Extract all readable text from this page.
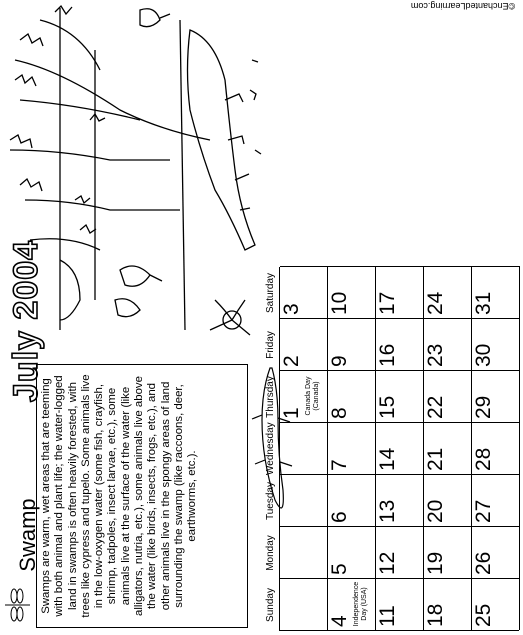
July 2004
Swamp Swamps are warm, wet areas that are teeming with both animal and plant life; the water-logged land in swamps is often heavily forested, with trees like cypress and tupelo. Some animals live in the low-oxygen water (some fish, crayfish, shrimp, tadpoles, insect larvae, etc.), some animals live at the surface of the water (like alligators, nutria, etc.), some animals live above the water (like birds, insects, frogs, etc.), and other animals live in the spongy areas of land surrounding the swamp (like raccoons, deer, earthworms, etc.).
Sunday
Monday
Tuesday
Wednesday
Thursday
Friday
Saturday
1 Canada Day (Canada)
2
3
4 Independence Day (USA)
5
6
7
8
9
10
11
12
13
14
15
16
17
18
19
20
21
22
23
24
25
26
27
28
29
30
31
©EnchantedLearning.com
